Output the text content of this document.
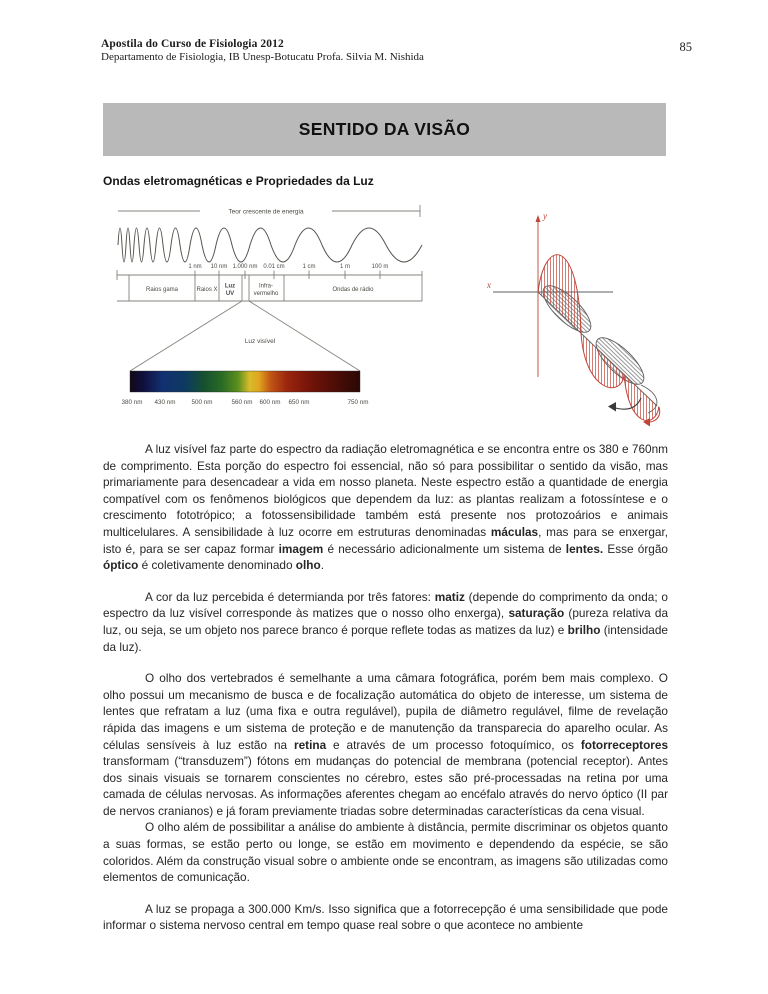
Apostila do Curso de Fisiologia 2012
Departamento de Fisiologia, IB Unesp-Botucatu Profa. Silvia M. Nishida
85
SENTIDO DA VISÃO
Ondas eletromagnéticas e Propriedades da Luz
Teor crescente de energia
1 nm 10 nm 1.000 nm 0.01 cm	1 cm	1 m	100 m
Raios gama	Raios X
Luz
UV
Infra-
vermelho
Ondas de rádio
Luz visível
380 nm 430 nm	500 nm	560 nm 600 nm 650 nm	750 nm
y
x

A luz visível faz parte do espectro da radiação eletromagnética e se encontra entre os 380 e 760nm de comprimento. Esta porção do espectro foi essencial, não só para possibilitar o sentido da visão, mas primariamente para desencadear a vida em nosso planeta. Neste espectro estão a quantidade de energia compatível com os fenômenos biológicos que dependem da luz: as plantas realizam a fotossíntese e o crescimento fototrópico; a fotossensibilidade também está presente nos protozoários e animais multicelulares. A sensibilidade à luz ocorre em estruturas denominadas máculas, mas para se enxergar, isto é, para se ser capaz formar imagem é necessário adicionalmente um sistema de lentes. Esse órgão óptico é coletivamente denominado olho.

A cor da luz percebida é determianda por três fatores: matiz (depende do comprimento da onda; o espectro da luz visível corresponde às matizes que o nosso olho enxerga), saturação (pureza relativa da luz, ou seja, se um objeto nos parece branco é porque reflete todas as matizes da luz) e brilho (intensidade da luz).

O olho dos vertebrados é semelhante a uma câmara fotográfica, porém bem mais complexo. O olho possui um mecanismo de busca e de focalização automática do objeto de interesse, um sistema de lentes que refratam a luz (uma fixa e outra regulável), pupila de diâmetro regulável, filme de revelação rápida das imagens e um sistema de proteção e de manutenção da transparecia do aparelho ocular. As células sensíveis à luz estão na retina e através de um processo fotoquímico, os fotorreceptores transformam (“transduzem”) fótons em mudanças do potencial de membrana (potencial receptor). Antes dos sinais visuais se tornarem conscientes no cérebro, estes são pré-processadas na retina por uma camada de células nervosas. As informações aferentes chegam ao encéfalo através do nervo óptico (II par de nervos cranianos) e já foram previamente triadas sobre determinadas características da cena visual.

O olho além de possibilitar a análise do ambiente à distância, permite discriminar os objetos quanto a suas formas, se estão perto ou longe, se estão em movimento e dependendo da espécie, se são coloridos. Além da construção visual sobre o ambiente onde se encontram, as imagens são utilizadas como elementos de comunicação.

A luz se propaga a 300.000 Km/s. Isso significa que a fotorrecepção é uma sensibilidade que pode informar o sistema nervoso central em tempo quase real sobre o que acontece no ambiente
